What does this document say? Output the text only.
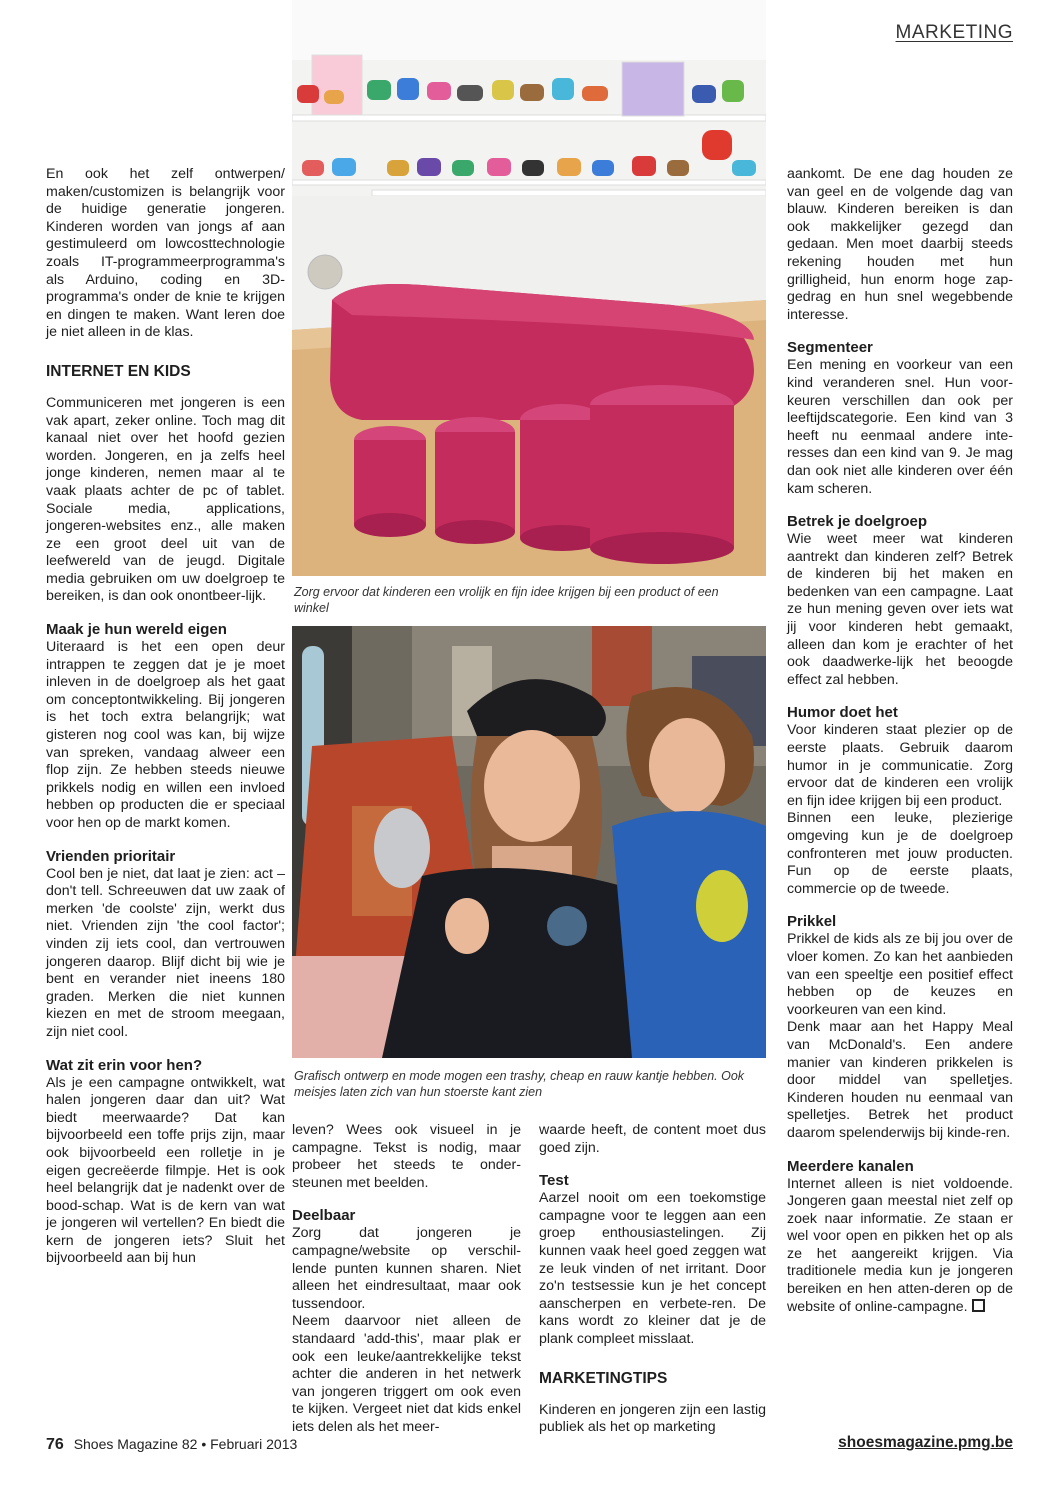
MARKETING

En ook het zelf ontwerpen/ maken/customizen is belangrijk voor de huidige generatie jongeren. Kinderen worden van jongs af aan gestimuleerd om lowcosttechnologie zoals IT-programmeerprogramma's als Arduino, coding en 3D-programma's onder de knie te krijgen en dingen te maken. Want leren doe je niet alleen in de klas.

INTERNET EN KIDS

Communiceren met jongeren is een vak apart, zeker online. Toch mag dit kanaal niet over het hoofd gezien worden. Jongeren, en ja zelfs heel jonge kinderen, nemen maar al te vaak plaats achter de pc of tablet. Sociale media, applications, jongeren-websites enz., alle maken ze een groot deel uit van de leefwereld van de jeugd. Digitale media gebruiken om uw doelgroep te bereiken, is dan ook onontbeer-lijk.

Maak je hun wereld eigen

Uiteraard is het een open deur intrappen te zeggen dat je je moet inleven in de doelgroep als het gaat om conceptontwikkeling. Bij jongeren is het toch extra belangrijk; wat gisteren nog cool was kan, bij wijze van spreken, vandaag alweer een flop zijn. Ze hebben steeds nieuwe prikkels nodig en willen een invloed hebben op producten die er speciaal voor hen op de markt komen.

Vrienden prioritair

Cool ben je niet, dat laat je zien: act – don't tell. Schreeuwen dat uw zaak of merken 'de coolste' zijn, werkt dus niet. Vrienden zijn 'the cool factor'; vinden zij iets cool, dan vertrouwen jongeren daarop. Blijf dicht bij wie je bent en verander niet ineens 180 graden. Merken die niet kunnen kiezen en met de stroom meegaan, zijn niet cool.

Wat zit erin voor hen?

Als je een campagne ontwikkelt, wat halen jongeren daar dan uit? Wat biedt meerwaarde? Dat kan bijvoorbeeld een toffe prijs zijn, maar ook bijvoorbeeld een rolletje in je eigen gecreëerde filmpje. Het is ook heel belangrijk dat je nadenkt over de bood-schap. Wat is de kern van wat je jongeren wil vertellen? En biedt die kern de jongeren iets? Sluit het bijvoorbeeld aan bij hun

Zorg ervoor dat kinderen een vrolijk en fijn idee krijgen bij een product of een winkel
Grafisch ontwerp en mode mogen een trashy, cheap en rauw kantje hebben. Ook meisjes laten zich van hun stoerste kant zien

leven? Wees ook visueel in je campagne. Tekst is nodig, maar probeer het steeds te onder-steunen met beelden.

Deelbaar

Zorg dat jongeren je campagne/website op verschil-lende punten kunnen sharen. Niet alleen het eindresultaat, maar ook tussendoor.

Neem daarvoor niet alleen de standaard 'add-this', maar plak er ook een leuke/aantrekkelijke tekst achter die anderen in het netwerk van jongeren triggert om ook even te kijken. Vergeet niet dat kids enkel iets delen als het meer-

waarde heeft, de content moet dus goed zijn.

Test

Aarzel nooit om een toekomstige campagne voor te leggen aan een groep enthousiastelingen. Zij kunnen vaak heel goed zeggen wat ze leuk vinden of net irritant. Door zo'n testsessie kun je het concept aanscherpen en verbete-ren. De kans wordt zo kleiner dat je de plank compleet misslaat.

MARKETINGTIPS

Kinderen en jongeren zijn een lastig publiek als het op marketing

aankomt. De ene dag houden ze van geel en de volgende dag van blauw. Kinderen bereiken is dan ook makkelijker gezegd dan gedaan. Men moet daarbij steeds rekening houden met hun grilligheid, hun enorm hoge zap-gedrag en hun snel wegebbende interesse.

Segmenteer

Een mening en voorkeur van een kind veranderen snel. Hun voor-keuren verschillen dan ook per leeftijdscategorie. Een kind van 3 heeft nu eenmaal andere inte-resses dan een kind van 9. Je mag dan ook niet alle kinderen over één kam scheren.

Betrek je doelgroep

Wie weet meer wat kinderen aantrekt dan kinderen zelf? Betrek de kinderen bij het maken en bedenken van een campagne. Laat ze hun mening geven over iets wat jij voor kinderen hebt gemaakt, alleen dan kom je erachter of het ook daadwerke-lijk het beoogde effect zal hebben.

Humor doet het

Voor kinderen staat plezier op de eerste plaats. Gebruik daarom humor in je communicatie. Zorg ervoor dat de kinderen een vrolijk en fijn idee krijgen bij een product.

Binnen een leuke, plezierige omgeving kun je de doelgroep confronteren met jouw producten. Fun op de eerste plaats, commercie op de tweede.

Prikkel

Prikkel de kids als ze bij jou over de vloer komen. Zo kan het aanbieden van een speeltje een positief effect hebben op de keuzes en voorkeuren van een kind.

Denk maar aan het Happy Meal van McDonald's. Een andere manier van kinderen prikkelen is door middel van spelletjes. Kinderen houden nu eenmaal van spelletjes. Betrek het product daarom spelenderwijs bij kinde-ren.

Meerdere kanalen

Internet alleen is niet voldoende. Jongeren gaan meestal niet zelf op zoek naar informatie. Ze staan er wel voor open en pikken het op als ze het aangereikt krijgen. Via traditionele media kun je jongeren bereiken en hen atten-deren op de website of online-campagne.

76 Shoes Magazine 82 • Februari 2013	shoesmagazine.pmg.be
